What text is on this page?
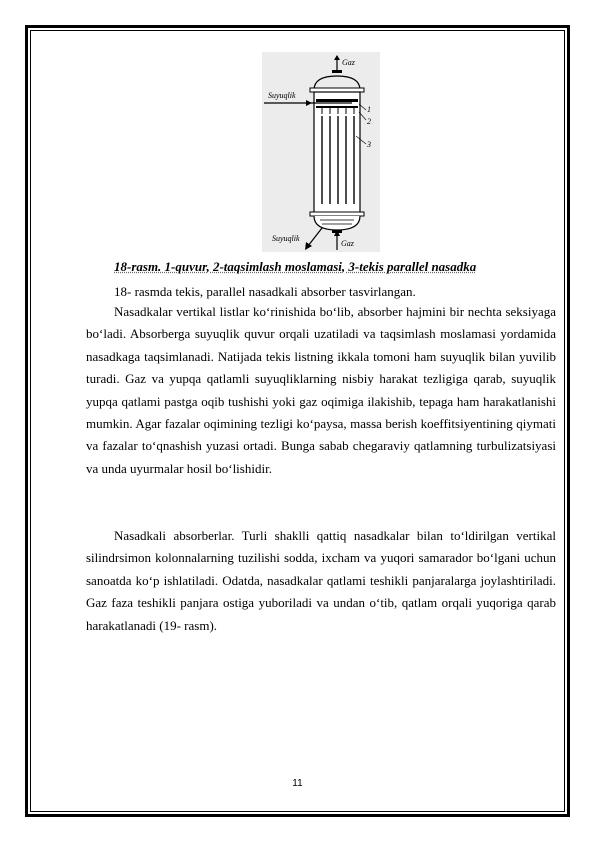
Gaz
Suyuqlik
1
2
3
Suyuqlik
Gaz

18-rasm. 1-quvur, 2-taqsimlash moslamasi, 3-tekis parallel nasadka

18- rasmda tekis, parallel nasadkali absorber tasvirlangan.

Nasadkalar vertikal listlar ko‘rinishida bo‘lib, absorber hajmini bir nechta seksiyaga bo‘ladi. Absorberga suyuqlik quvur orqali uzatiladi va taqsimlash moslamasi yordamida nasadkaga taqsimlanadi. Natijada tekis listning ikkala tomoni ham suyuqlik bilan yuvilib turadi. Gaz va yupqa qatlamli suyuqliklarning nisbiy harakat tezligiga qarab, suyuqlik yupqa qatlami pastga oqib tushishi yoki gaz oqimiga ilakishib, tepaga ham harakatlanishi mumkin. Agar fazalar oqimining tezligi ko‘paysa, massa berish koeffitsiyentining qiymati va fazalar to‘qnashish yuzasi ortadi. Bunga sabab chegaraviy qatlamning turbulizatsiyasi va unda uyurmalar hosil bo‘lishidir.

Nasadkali absorberlar. Turli shaklli qattiq nasadkalar bilan to‘ldirilgan vertikal silindrsimon kolonnalarning tuzilishi sodda, ixcham va yuqori samarador bo‘lgani uchun sanoatda ko‘p ishlatiladi. Odatda, nasadkalar qatlami teshikli panjaralarga joylashtiriladi. Gaz faza teshikli panjara ostiga yuboriladi va undan o‘tib, qatlam orqali yuqoriga qarab harakatlanadi (19- rasm).

11
